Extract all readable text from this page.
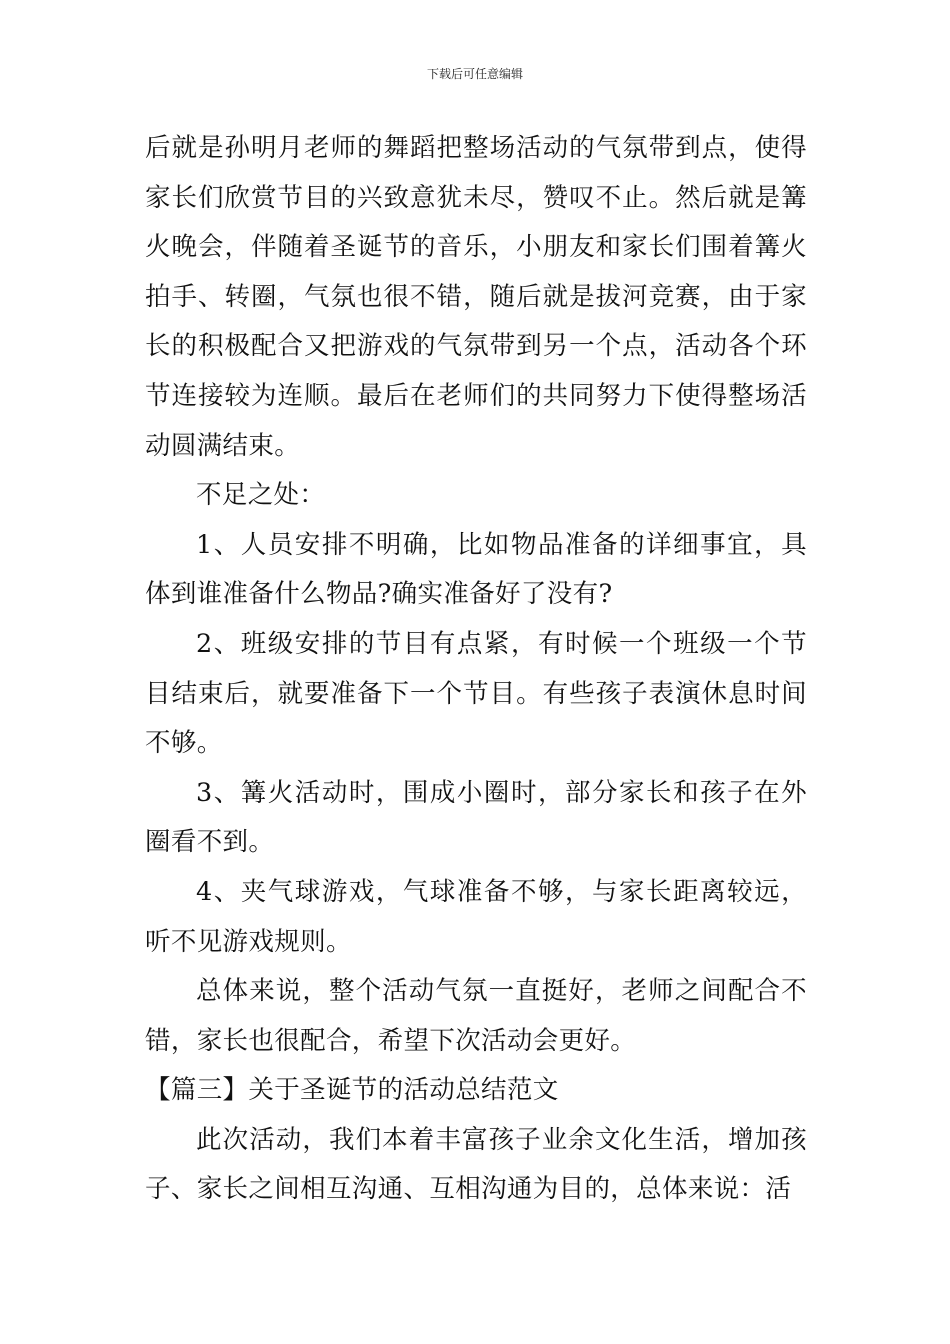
下载后可任意编辑

后就是孙明月老师的舞蹈把整场活动的气氛带到点，使得家长们欣赏节目的兴致意犹未尽，赞叹不止。然后就是篝火晚会，伴随着圣诞节的音乐，小朋友和家长们围着篝火拍手、转圈，气氛也很不错，随后就是拔河竞赛，由于家长的积极配合又把游戏的气氛带到另一个点，活动各个环节连接较为连顺。最后在老师们的共同努力下使得整场活动圆满结束。

不足之处：

1、人员安排不明确，比如物品准备的详细事宜，具体到谁准备什么物品?确实准备好了没有?

2、班级安排的节目有点紧，有时候一个班级一个节目结束后，就要准备下一个节目。有些孩子表演休息时间不够。

3、篝火活动时，围成小圈时，部分家长和孩子在外圈看不到。

4、夹气球游戏，气球准备不够，与家长距离较远，听不见游戏规则。

总体来说，整个活动气氛一直挺好，老师之间配合不错，家长也很配合，希望下次活动会更好。

【篇三】关于圣诞节的活动总结范文

此次活动，我们本着丰富孩子业余文化生活，增加孩子、家长之间相互沟通、互相沟通为目的，总体来说：活
